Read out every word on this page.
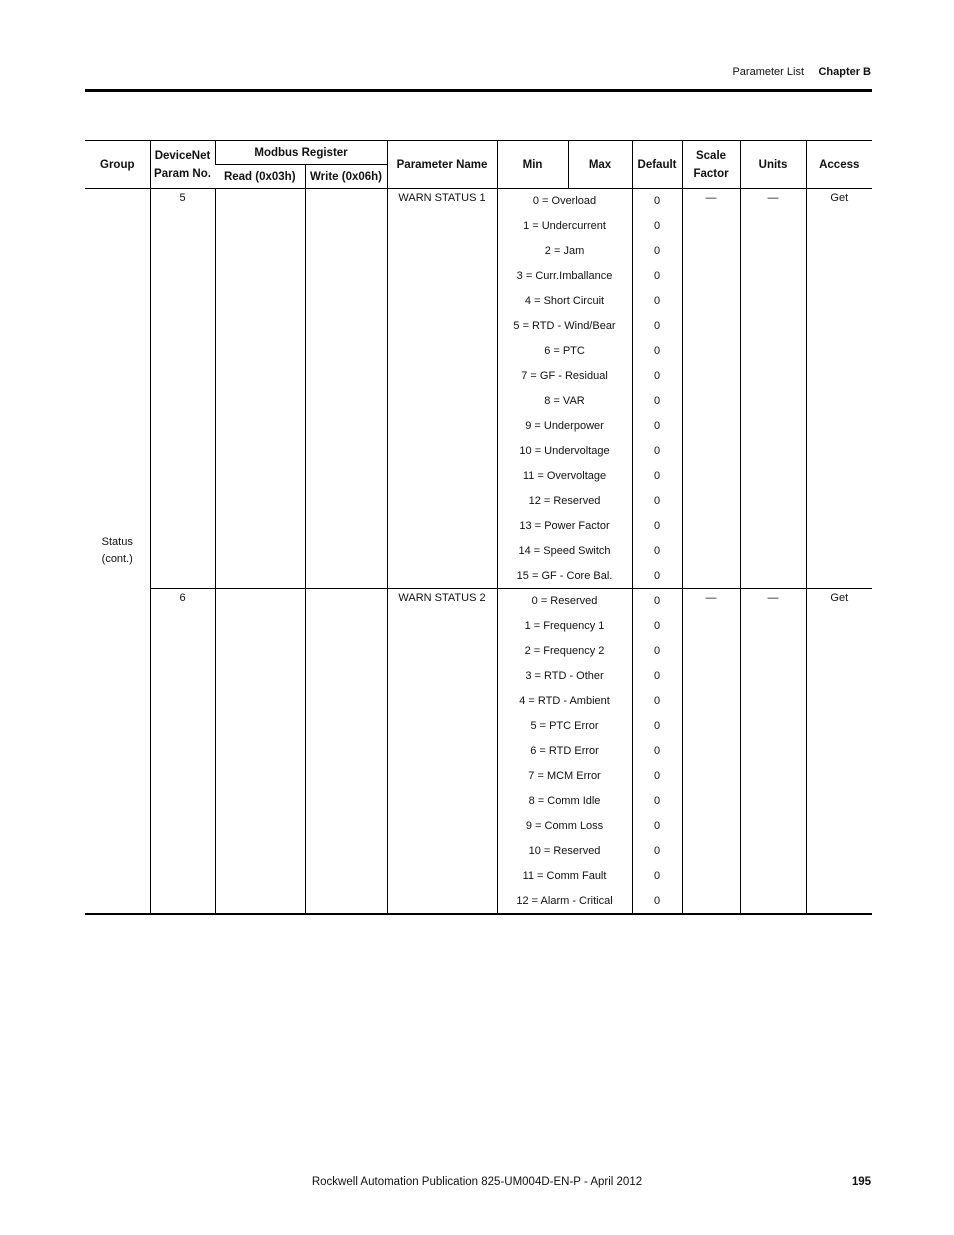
Parameter List Chapter B
Group	DeviceNet Param No.	Modbus Register		Parameter Name	Min	Max	Default	Scale Factor	Units	Access
		Read (0x03h)	Write (0x06h)							
Status (cont.)	5			WARN STATUS 1	0 = Overload		0	—	—	Get
					1 = Undercurrent		0			
					2 = Jam		0			
					3 = Curr.Imballance		0			
					4 = Short Circuit		0			
					5 = RTD - Wind/Bear		0			
					6 = PTC		0			
					7 = GF - Residual		0			
					8 = VAR		0			
					9 = Underpower		0			
					10 = Undervoltage		0			
					11 = Overvoltage		0			
					12 = Reserved		0			
					13 = Power Factor		0			
					14 = Speed Switch		0			
					15 = GF - Core Bal.		0			
	6			WARN STATUS 2	0 = Reserved		0	—	—	Get
					1 = Frequency 1		0			
					2 = Frequency 2		0			
					3 = RTD - Other		0			
					4 = RTD - Ambient		0			
					5 = PTC Error		0			
					6 = RTD Error		0			
					7 = MCM Error		0			
					8 = Comm Idle		0			
					9 = Comm Loss		0			
					10 = Reserved		0			
					11 = Comm Fault		0			
					12 = Alarm - Critical		0			
Rockwell Automation Publication 825-UM004D-EN-P - April 2012	195
